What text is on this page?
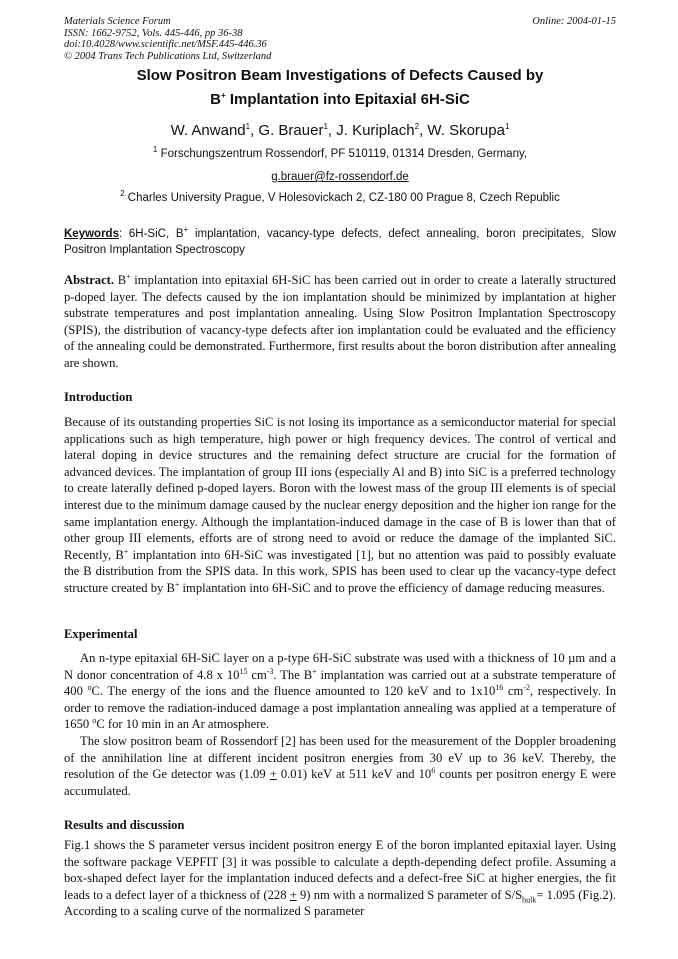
Materials Science Forum
ISSN: 1662-9752, Vols. 445-446, pp 36-38
doi:10.4028/www.scientific.net/MSF.445-446.36
© 2004 Trans Tech Publications Ltd, Switzerland
Online: 2004-01-15
Slow Positron Beam Investigations of Defects Caused by
B+ Implantation into Epitaxial 6H-SiC
W. Anwand$^1$, G. Brauer$^1$, J. Kuriplach$^2$, W. Skorupa$^1$
$^1$ Forschungszentrum Rossendorf, PF 510119, 01314 Dresden, Germany,
g.brauer@fz-rossendorf.de
$^2$ Charles University Prague, V Holesovickach 2, CZ-180 00 Prague 8, Czech Republic
Keywords: 6H-SiC, B+ implantation, vacancy-type defects, defect annealing, boron precipitates, Slow Positron Implantation Spectroscopy
Abstract. B+ implantation into epitaxial 6H-SiC has been carried out in order to create a laterally structured p-doped layer. The defects caused by the ion implantation should be minimized by implantation at higher substrate temperatures and post implantation annealing. Using Slow Positron Implantation Spectroscopy (SPIS), the distribution of vacancy-type defects after ion implantation could be evaluated and the efficiency of the annealing could be demonstrated. Furthermore, first results about the boron distribution after annealing are shown.
Introduction
Because of its outstanding properties SiC is not losing its importance as a semiconductor material for special applications such as high temperature, high power or high frequency devices. The control of vertical and lateral doping in device structures and the remaining defect structure are crucial for the formation of advanced devices. The implantation of group III ions (especially Al and B) into SiC is a preferred technology to create laterally defined p-doped layers. Boron with the lowest mass of the group III elements is of special interest due to the minimum damage caused by the nuclear energy deposition and the higher ion range for the same implantation energy. Although the implantation-induced damage in the case of B is lower than that of other group III elements, efforts are of strong need to avoid or reduce the damage of the implanted SiC. Recently, B+ implantation into 6H-SiC was investigated [1], but no attention was paid to possibly evaluate the B distribution from the SPIS data. In this work, SPIS has been used to clear up the vacancy-type defect structure created by B+ implantation into 6H-SiC and to prove the efficiency of damage reducing measures.
Experimental

An n-type epitaxial 6H-SiC layer on a p-type 6H-SiC substrate was used with a thickness of 10 µm and a N donor concentration of 4.8 x $10^{15}$ $cm^{-3}$. The B+ implantation was carried out at a substrate temperature of 400 $^o$C. The energy of the ions and the fluence amounted to 120 keV and to $1x10^{16}$ $cm^{-2}$, respectively. In order to remove the radiation-induced damage a post implantation annealing was applied at a temperature of 1650 $^o$C for 10 min in an Ar atmosphere.

The slow positron beam of Rossendorf [2] has been used for the measurement of the Doppler broadening of the annihilation line at different incident positron energies from 30 eV up to 36 keV. Thereby, the resolution of the Ge detector was (1.09 + 0.01) keV at 511 keV and $10^6$ counts per positron energy E were accumulated.

Results and discussion
Fig.1 shows the S parameter versus incident positron energy E of the boron implanted epitaxial layer. Using the software package VEPFIT [3] it was possible to calculate a depth-depending defect profile. Assuming a box-shaped defect layer for the implantation induced defects and a defect-free SiC at higher energies, the fit leads to a defect layer of a thickness of (228 + 9) nm with a normalized S parameter of $S/S_{bulk}= 1.095$ (Fig.2). According to a scaling curve of the normalized S parameter
